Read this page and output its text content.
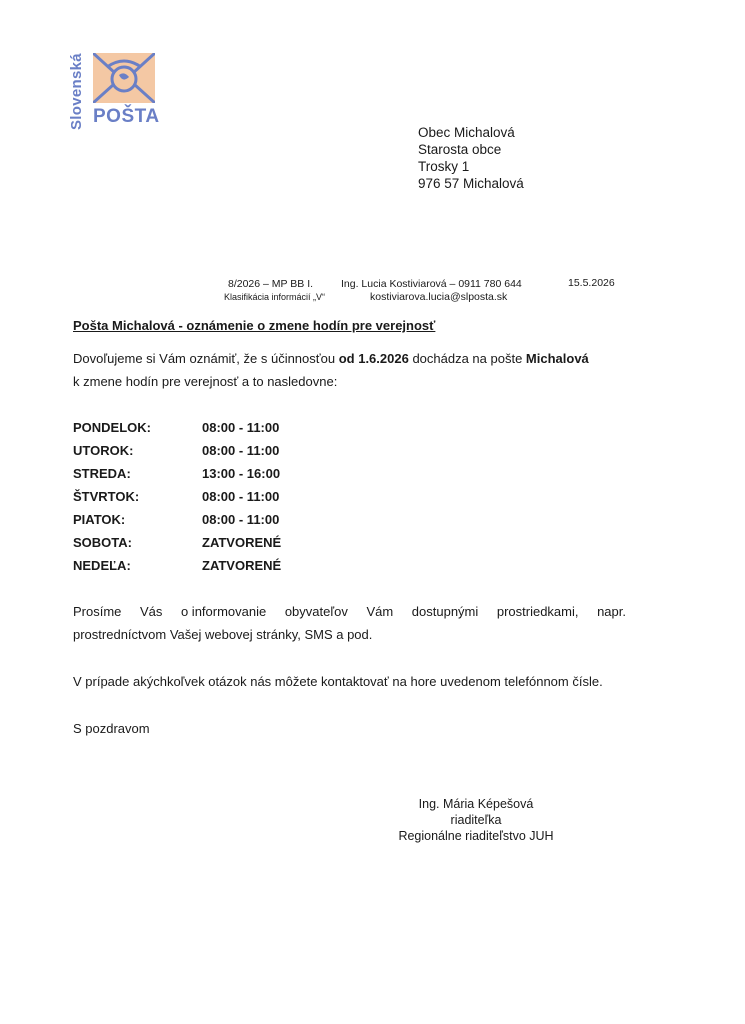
Slovenská POŠTA
Obec Michalová
Starosta obce
Trosky 1
976 57 Michalová
8/2026 – MP BB I.
Klasifikácia informácií „V“
Ing. Lucia Kostiviarová – 0911 780 644
kostiviarova.lucia@slposta.sk
15.5.2026
Pošta Michalová - oznámenie o zmene hodín pre verejnosť
Dovoľujeme si Vám oznámiť, že s účinnosťou od 1.6.2026 dochádza na pošte Michalová
k zmene hodín pre verejnosť a to nasledovne:
PONDELOK:	08:00 - 11:00
UTOROK:	08:00 - 11:00
STREDA:	13:00 - 16:00
ŠTVRTOK:	08:00 - 11:00
PIATOK:	08:00 - 11:00
SOBOTA:	ZATVORENÉ
NEDEĽA:	ZATVORENÉ
Prosíme Vás o informovanie obyvateľov Vám dostupnými prostriedkami, napr.
prostredníctvom Vašej webovej stránky, SMS a pod.
V prípade akýchkoľvek otázok nás môžete kontaktovať na hore uvedenom telefónnom čísle.
S pozdravom
Ing. Mária Képešová
riaditeľka
Regionálne riaditeľstvo JUH
